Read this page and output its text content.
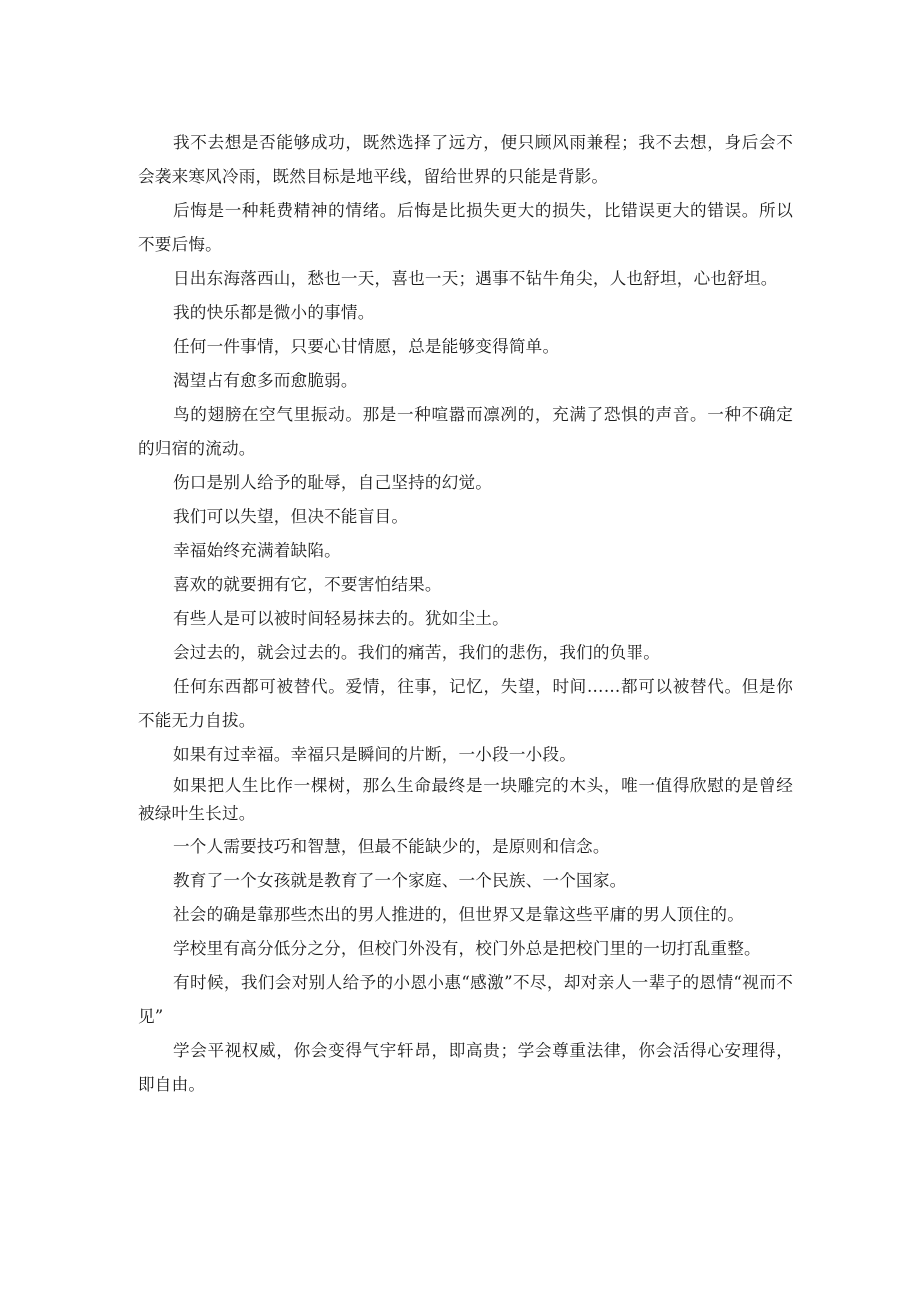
我不去想是否能够成功，既然选择了远方，便只顾风雨兼程；我不去想，身后会不会袭来寒风冷雨，既然目标是地平线，留给世界的只能是背影。

后悔是一种耗费精神的情绪。后悔是比损失更大的损失，比错误更大的错误。所以不要后悔。

日出东海落西山，愁也一天，喜也一天；遇事不钻牛角尖，人也舒坦，心也舒坦。

我的快乐都是微小的事情。

任何一件事情，只要心甘情愿，总是能够变得简单。

渴望占有愈多而愈脆弱。

鸟的翅膀在空气里振动。那是一种喧嚣而凛冽的，充满了恐惧的声音。一种不确定的归宿的流动。

伤口是别人给予的耻辱，自己坚持的幻觉。

我们可以失望，但决不能盲目。

幸福始终充满着缺陷。

喜欢的就要拥有它，不要害怕结果。

有些人是可以被时间轻易抹去的。犹如尘土。

会过去的，就会过去的。我们的痛苦，我们的悲伤，我们的负罪。

任何东西都可被替代。爱情，往事，记忆，失望，时间……都可以被替代。但是你不能无力自拔。

如果有过幸福。幸福只是瞬间的片断，一小段一小段。

如果把人生比作一棵树，那么生命最终是一块雕完的木头，唯一值得欣慰的是曾经被绿叶生长过。

一个人需要技巧和智慧，但最不能缺少的，是原则和信念。

教育了一个女孩就是教育了一个家庭、一个民族、一个国家。

社会的确是靠那些杰出的男人推进的，但世界又是靠这些平庸的男人顶住的。

学校里有高分低分之分，但校门外没有，校门外总是把校门里的一切打乱重整。

有时候，我们会对别人给予的小恩小惠“感激”不尽，却对亲人一辈子的恩情“视而不见”

学会平视权威，你会变得气宇轩昂，即高贵；学会尊重法律，你会活得心安理得，即自由。
